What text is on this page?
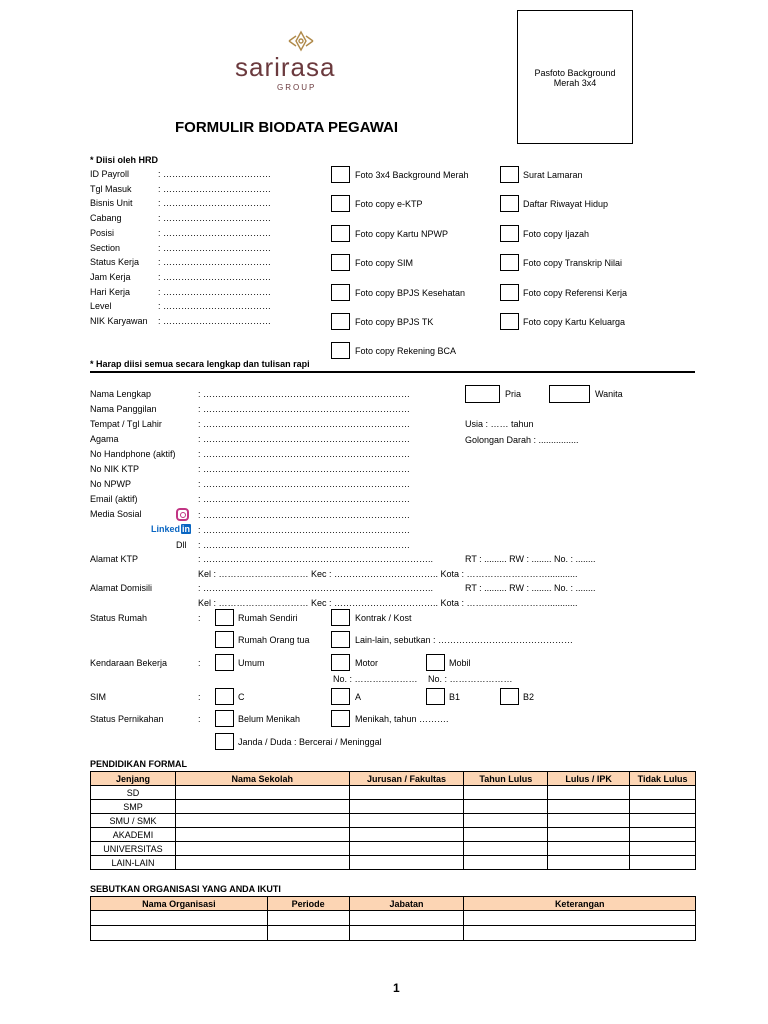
sarirasa
GROUP
Pasfoto Background Merah 3x4
FORMULIR BIODATA PEGAWAI
* Diisi oleh HRD
ID Payroll	: ………………………………
Tgl Masuk	: ………………………………
Bisnis Unit	: ………………………………
Cabang	: ………………………………
Posisi	: ………………………………
Section	: ………………………………
Status Kerja : ………………………………
Jam Kerja	: ………………………………
Hari Kerja	: ………………………………
Level	: ………………………………
NIK Karyawan : ………………………………
Foto 3x4 Background Merah
Foto copy e-KTP
Foto copy Kartu NPWP
Foto copy SIM
Foto copy BPJS Kesehatan
Foto copy BPJS TK
Foto copy Rekening BCA
Surat Lamaran
Daftar Riwayat Hidup
Foto copy Ijazah
Foto copy Transkrip Nilai
Foto copy Referensi Kerja
Foto copy Kartu Keluarga
* Harap diisi semua secara lengkap dan tulisan rapi
Nama Lengkap	: ……………………………………………………………
Nama Panggilan	: ……………………………………………………………
Tempat / Tgl Lahir	: ……………………………………………………………
Agama	: ……………………………………………………………
No Handphone (aktif) : ……………………………………………………………
No NIK KTP	: ……………………………………………………………
No NPWP	: ……………………………………………………………
Email (aktif)	: ……………………………………………………………
Media Sosial	: ……………………………………………………………
Pria	Wanita
Usia : …… tahun
Golongan Darah : ................
Linked in : ……………………………………………………………
Dll : ……………………………………………………………
Alamat KTP	: …………………………………………………………………..	RT : ......... RW : ........ No. : ........
Kel : ………………………… Kec : …………………………….. Kota : ………………………............
Alamat Domisili	: …………………………………………………………………..	RT : ......... RW : ........ No. : ........
Kel : ………………………… Kec : …………………………….. Kota : ………………………............
Status Rumah	:	Rumah Sendiri	Kontrak / Kost
Rumah Orang tua	Lain-lain, sebutkan : ………………………………………
Kendaraan Bekerja	:	Umum	Motor	Mobil
No. : ………………… No. : …………………
SIM	:	C	A	B1	B2
Status Pernikahan	:	Belum Menikah	Menikah, tahun ……….
Janda / Duda : Bercerai / Meninggal
PENDIDIKAN FORMAL
Jenjang	Nama Sekolah	Jurusan / Fakultas	Tahun Lulus	Lulus / IPK	Tidak Lulus
SD					
SMP					
SMU / SMK					
AKADEMI					
UNIVERSITAS					
LAIN-LAIN					
SEBUTKAN ORGANISASI YANG ANDA IKUTI
Nama Organisasi	Periode	Jabatan	Keterangan

1
